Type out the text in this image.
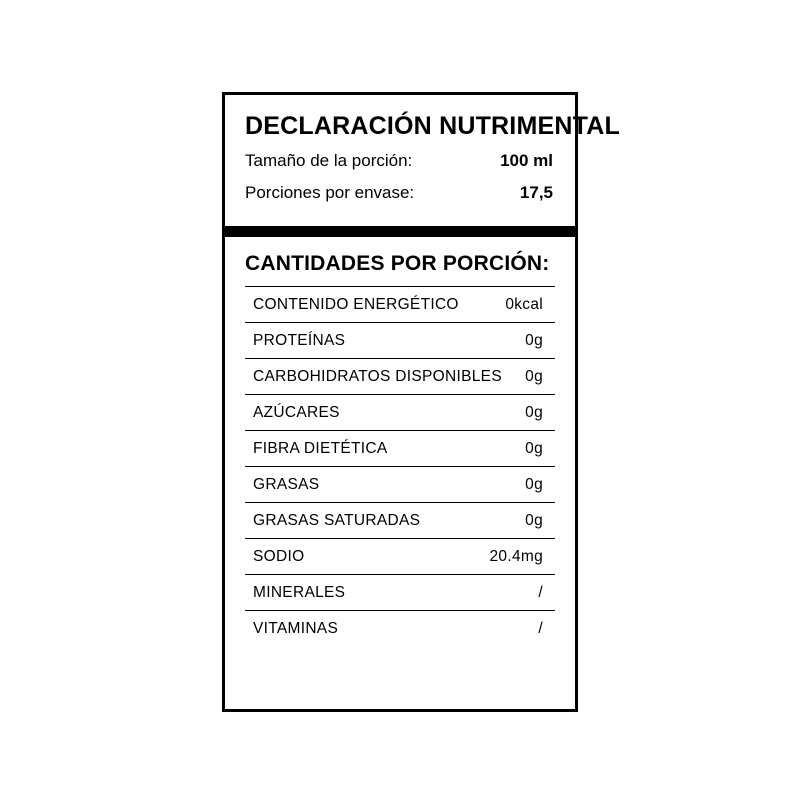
DECLARACIÓN NUTRIMENTAL
Tamaño de la porción:	100 ml
Porciones por envase:	17,5
CANTIDADES POR PORCIÓN:
CONTENIDO ENERGÉTICO	0kcal
PROTEÍNAS	0g
CARBOHIDRATOS DISPONIBLES 0g
AZÚCARES	0g
FIBRA DIETÉTICA	0g
GRASAS	0g
GRASAS SATURADAS	0g
SODIO	20.4mg
MINERALES	/
VITAMINAS	/
